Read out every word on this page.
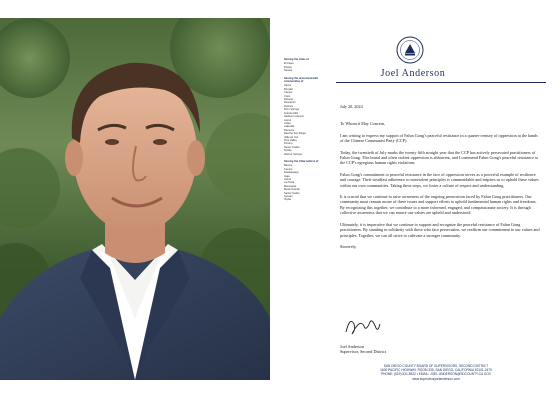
Serving the cities of
El Cajon
Poway
Santee
Serving the unincorporated communities of
Alpine
Bonsall
Campo
Crest
Dehesa
Descanso
Dulzura
Flinn Springs
Granite Hills
Harbison Canyon
Jamul
Julian
Lakeside
Ramona
Rancho San Diego
Valle de Oro
Pine Valley
Potrero
Santa Ysabel
Tecate
Warner Springs
Serving the tribal nations of
Barona
Campo
Ewiiaapaayp
Inaja
Jamul
La Posta
Manzanita
Mesa Grande
Santa Ysabel
Sycuan
Viejas
Joel Anderson

July 20, 2024

To Whom it May Concern,

I am writing to express my support of Falun Gong's peaceful resistance in a quarter century of oppression at the hands of the Chinese Communist Party (CCP).

Today, the twentieth of July marks the twenty fifth straight year that the CCP has actively persecuted practitioners of Falun Gong. This brutal and often violent oppression is abhorrent, and I commend Falun Gong's peaceful resistance to the CCP's egregious human rights violations.

Falun Gong's commitment to peaceful resistance in the face of oppression serves as a powerful example of resilience and courage. Their steadfast adherence to nonviolent principles is commendable and inspires us to uphold these values within our own communities. Taking these steps, we foster a culture of respect and understanding.

It is crucial that we continue to raise awareness of the ongoing persecution faced by Falun Gong practitioners. Our community must remain aware of these issues and support efforts to uphold fundamental human rights and freedoms. By recognizing this together, we contribute to a more informed, engaged, and compassionate society. It is through collective awareness that we can ensure our values are upheld and understood.

Ultimately, it is imperative that we continue to support and recognize the peaceful resistance of Falun Gong practitioners. By standing in solidarity with those who face persecution, we reaffirm our commitment to our values and principles. Together, we can all strive to cultivate a stronger community.

Sincerely,

Joel Anderson
Supervisor, Second District
SAN DIEGO COUNTY BOARD OF SUPERVISORS, SECOND DISTRICT
1600 PACIFIC HIGHWAY, ROOM 335, SAN DIEGO, CALIFORNIA 92101-2470
PHONE: (619) 531-5522 • EMAIL: JOEL.ANDERSON@SDCOUNTY.CA.GOV
www.supervisorjoelanderson.com
